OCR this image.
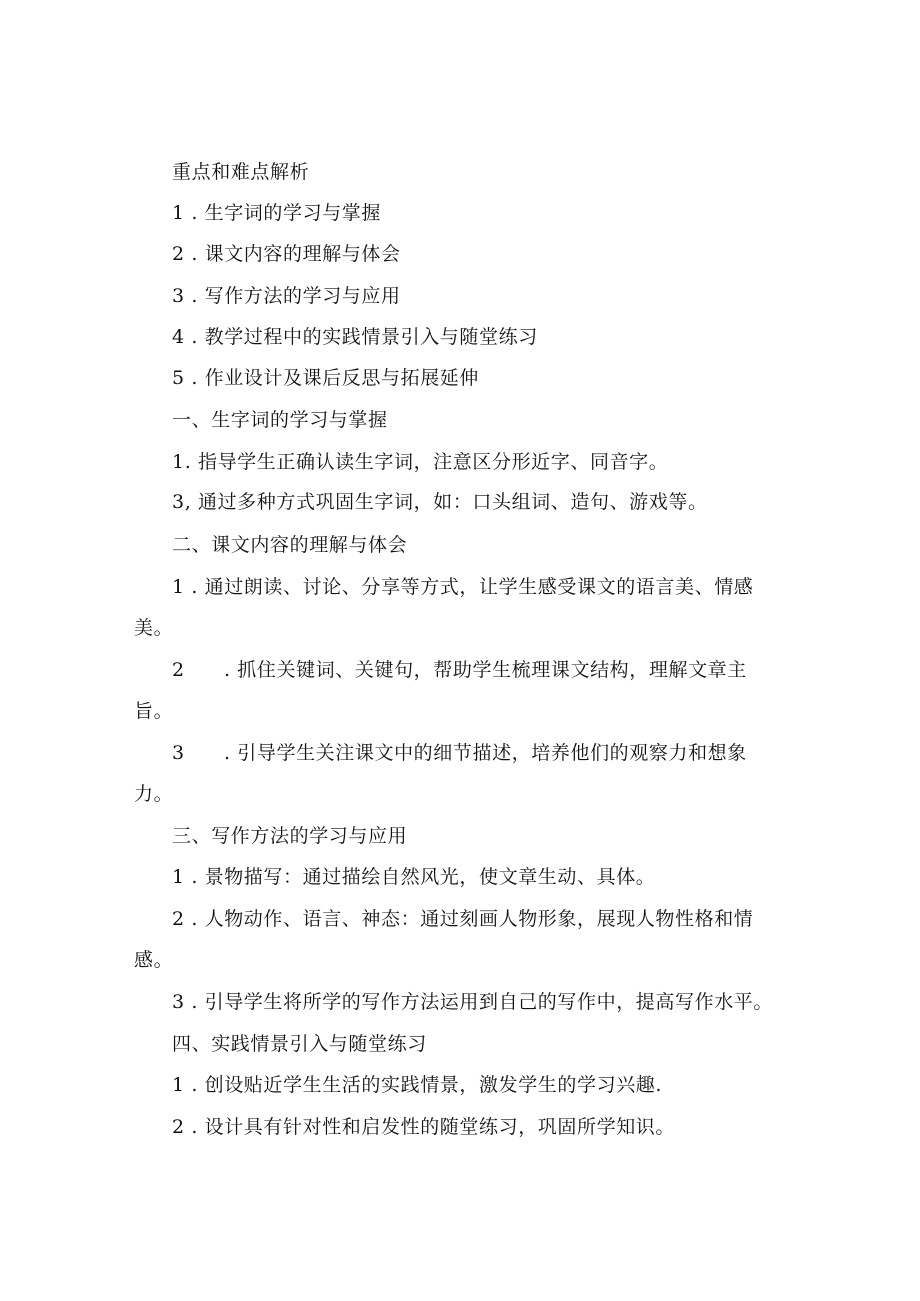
重点和难点解析
1 . 生字词的学习与掌握
2 . 课文内容的理解与体会
3 . 写作方法的学习与应用
4 . 教学过程中的实践情景引入与随堂练习
5 . 作业设计及课后反思与拓展延伸
一、生字词的学习与掌握
1. 指导学生正确认读生字词，注意区分形近字、同音字。
3, 通过多种方式巩固生字词，如：口头组词、造句、游戏等。
二、课文内容的理解与体会
1 . 通过朗读、讨论、分享等方式，让学生感受课文的语言美、情感
美。
2 . 抓住关键词、关键句，帮助学生梳理课文结构，理解文章主
旨。
3 . 引导学生关注课文中的细节描述，培养他们的观察力和想象
力。
三、写作方法的学习与应用
1 . 景物描写：通过描绘自然风光，使文章生动、具体。
2 . 人物动作、语言、神态：通过刻画人物形象，展现人物性格和情
感。
3 . 引导学生将所学的写作方法运用到自己的写作中，提高写作水平。
四、实践情景引入与随堂练习
1 . 创设贴近学生生活的实践情景，激发学生的学习兴趣.
2 . 设计具有针对性和启发性的随堂练习，巩固所学知识。
